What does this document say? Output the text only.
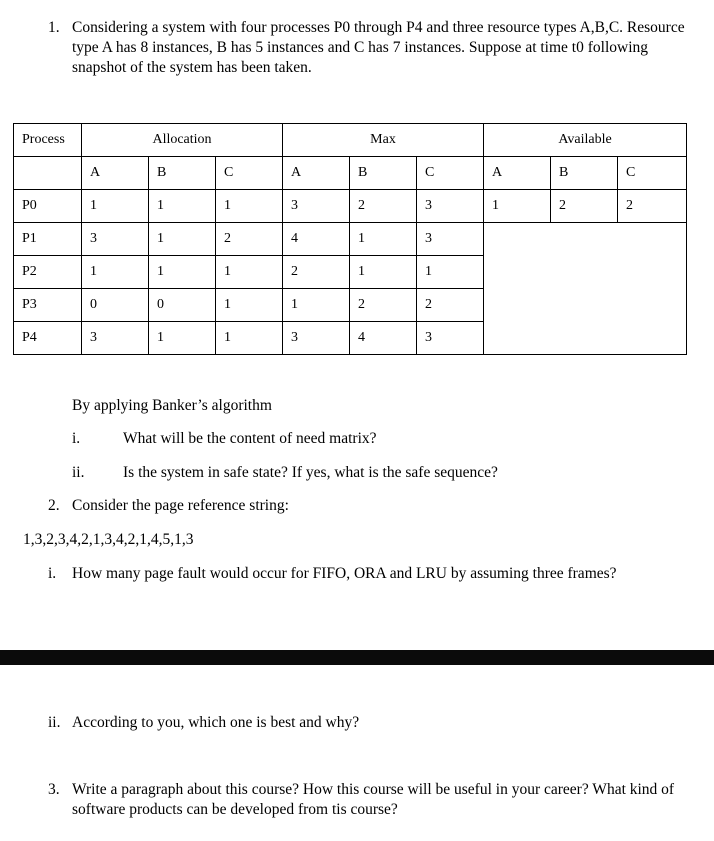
1. Considering a system with four processes P0 through P4 and three resource types A,B,C. Resource type A has 8 instances, B has 5 instances and C has 7 instances. Suppose at time t0 following snapshot of the system has been taken.
Process	Allocation			Max			Available		
	A	B	C	A	B	C	A	B	C
P0	1	1	1	3	2	3	1	2	2
P1	3	1	2	4	1	3			
P2	1	1	1	2	1	1			
P3	0	0	1	1	2	2			
P4	3	1	1	3	4	3			
By applying Banker’s algorithm
i.	What will be the content of need matrix?
ii. Is the system in safe state? If yes, what is the safe sequence?
2. Consider the page reference string:
1,3,2,3,4,2,1,3,4,2,1,4,5,1,3
i. How many page fault would occur for FIFO, ORA and LRU by assuming three frames?
ii. According to you, which one is best and why?
3. Write a paragraph about this course? How this course will be useful in your career? What kind of software products can be developed from tis course?
